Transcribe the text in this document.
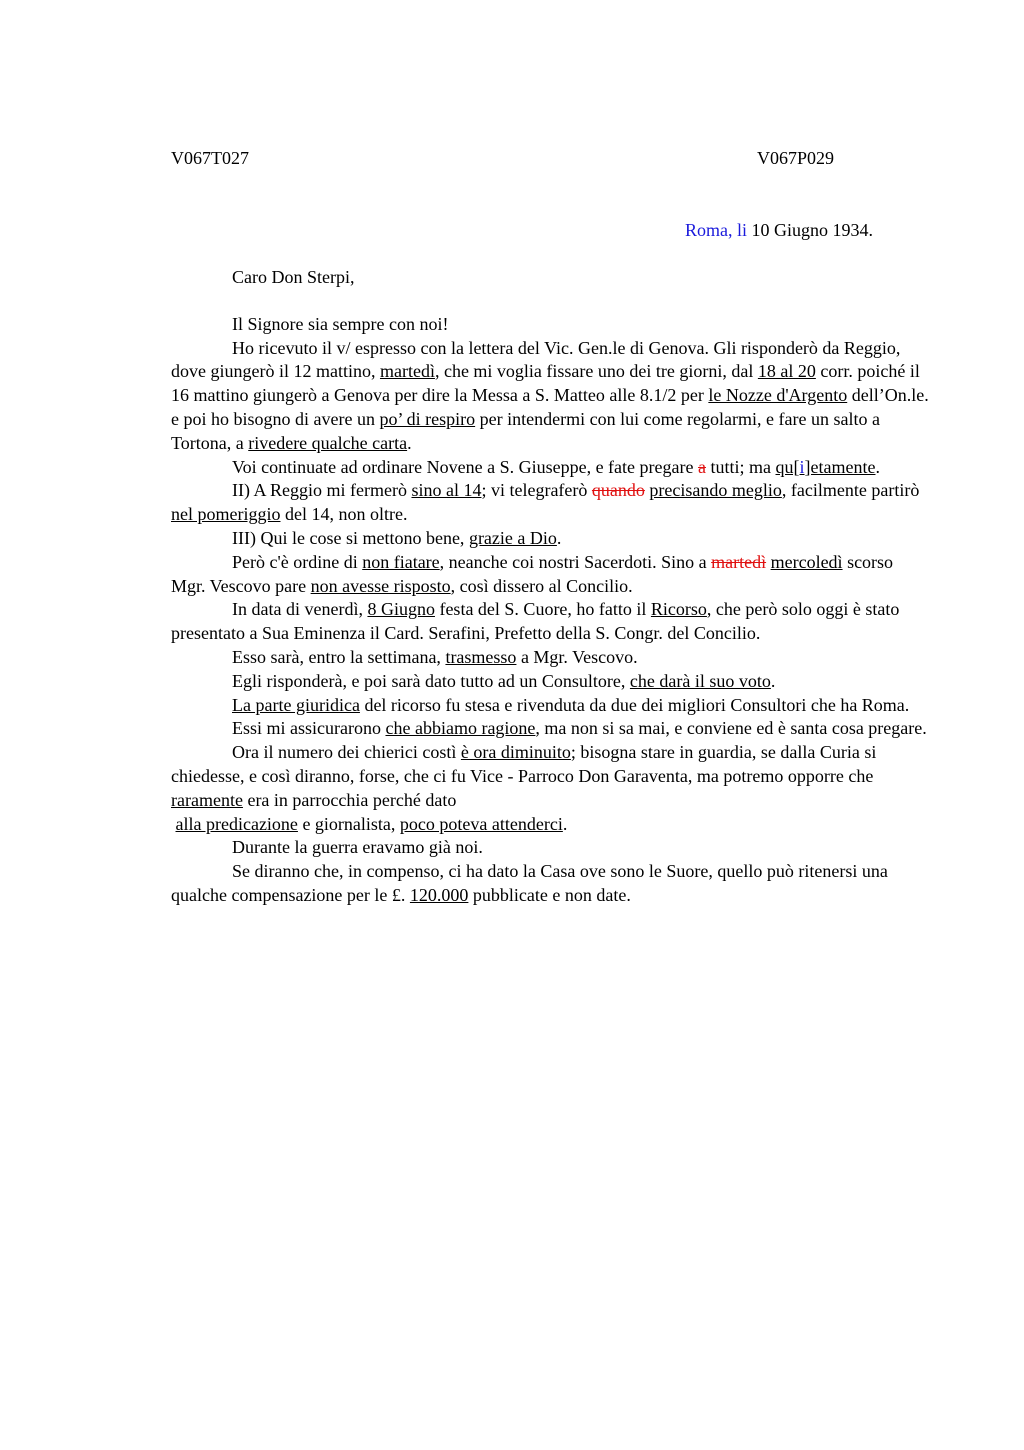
V067T027	V067P029
Roma, li 10 Giugno 1934.

Caro Don Sterpi,

Il Signore sia sempre con noi!

Ho ricevuto il v/ espresso con la lettera del Vic. Gen.le di Genova. Gli risponderò da Reggio, dove giungerò il 12 mattino, martedì, che mi voglia fissare uno dei tre giorni, dal 18 al 20 corr. poiché il 16 mattino giungerò a Genova per dire la Messa a S. Matteo alle 8.1/2 per le Nozze d'Argento dell’On.le. e poi ho bisogno di avere un po’ di respiro per intendermi con lui come regolarmi, e fare un salto a Tortona, a rivedere qualche carta.

Voi continuate ad ordinare Novene a S. Giuseppe, e fate pregare a tutti; ma qu[i]etamente.

II) A Reggio mi fermerò sino al 14; vi telegraferò quando precisando meglio, facilmente partirò nel pomeriggio del 14, non oltre.

III) Qui le cose si mettono bene, grazie a Dio.

Però c'è ordine di non fiatare, neanche coi nostri Sacerdoti. Sino a martedì mercoledì scorso Mgr. Vescovo pare non avesse risposto, così dissero al Concilio.

In data di venerdì, 8 Giugno festa del S. Cuore, ho fatto il Ricorso, che però solo oggi è stato presentato a Sua Eminenza il Card. Serafini, Prefetto della S. Congr. del Concilio.

Esso sarà, entro la settimana, trasmesso a Mgr. Vescovo.

Egli risponderà, e poi sarà dato tutto ad un Consultore, che darà il suo voto.

La parte giuridica del ricorso fu stesa e rivenduta da due dei migliori Consultori che ha Roma.

Essi mi assicurarono che abbiamo ragione, ma non si sa mai, e conviene ed è santa cosa pregare.

Ora il numero dei chierici costì è ora diminuito; bisogna stare in guardia, se dalla Curia si chiedesse, e così diranno, forse, che ci fu Vice - Parroco Don Garaventa, ma potremo opporre che raramente era in parrocchia perché dato
alla predicazione e giornalista, poco poteva attenderci.

Durante la guerra eravamo già noi.

Se diranno che, in compenso, ci ha dato la Casa ove sono le Suore, quello può ritenersi una qualche compensazione per le £. 120.000 pubblicate e non date.
